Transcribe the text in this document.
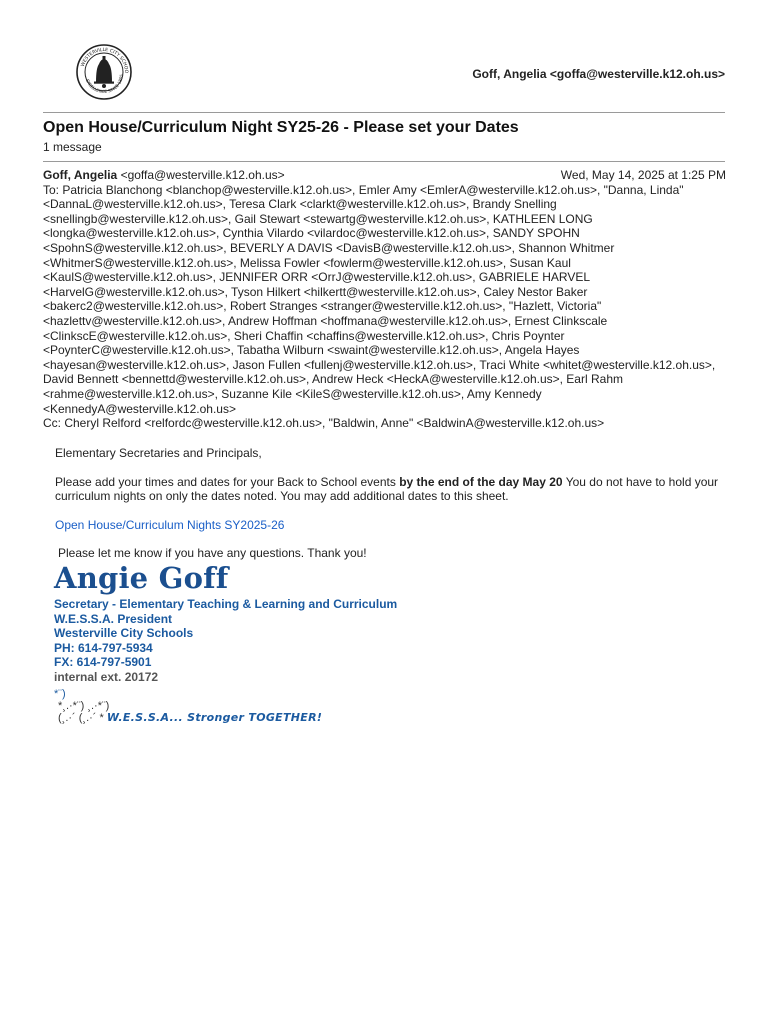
WESTERVILLE CITY SCHOO
EXCELLENCE SINCE 1855	Goff, Angelia <goffa@westerville.k12.oh.us>
Open House/Curriculum Night SY25-26 - Please set your Dates
1 message
Goff, Angelia <goffa@westerville.k12.oh.us>	Wed, May 14, 2025 at 1:25 PM

To: Patricia Blanchong <blanchop@westerville.k12.oh.us>, Emler Amy <EmlerA@westerville.k12.oh.us>, "Danna, Linda" <DannaL@westerville.k12.oh.us>, Teresa Clark <clarkt@westerville.k12.oh.us>, Brandy Snelling <snellingb@westerville.k12.oh.us>, Gail Stewart <stewartg@westerville.k12.oh.us>, KATHLEEN LONG <longka@westerville.k12.oh.us>, Cynthia Vilardo <vilardoc@westerville.k12.oh.us>, SANDY SPOHN <SpohnS@westerville.k12.oh.us>, BEVERLY A DAVIS <DavisB@westerville.k12.oh.us>, Shannon Whitmer <WhitmerS@westerville.k12.oh.us>, Melissa Fowler <fowlerm@westerville.k12.oh.us>, Susan Kaul <KaulS@westerville.k12.oh.us>, JENNIFER ORR <OrrJ@westerville.k12.oh.us>, GABRIELE HARVEL <HarvelG@westerville.k12.oh.us>, Tyson Hilkert <hilkertt@westerville.k12.oh.us>, Caley Nestor Baker <bakerc2@westerville.k12.oh.us>, Robert Stranges <stranger@westerville.k12.oh.us>, "Hazlett, Victoria" <hazlettv@westerville.k12.oh.us>, Andrew Hoffman <hoffmana@westerville.k12.oh.us>, Ernest Clinkscale <ClinkscE@westerville.k12.oh.us>, Sheri Chaffin <chaffins@westerville.k12.oh.us>, Chris Poynter <PoynterC@westerville.k12.oh.us>, Tabatha Wilburn <swaint@westerville.k12.oh.us>, Angela Hayes <hayesan@westerville.k12.oh.us>, Jason Fullen <fullenj@westerville.k12.oh.us>, Traci White <whitet@westerville.k12.oh.us>, David Bennett <bennettd@westerville.k12.oh.us>, Andrew Heck <HeckA@westerville.k12.oh.us>, Earl Rahm <rahme@westerville.k12.oh.us>, Suzanne Kile <KileS@westerville.k12.oh.us>, Amy Kennedy <KennedyA@westerville.k12.oh.us>

Cc: Cheryl Relford <relfordc@westerville.k12.oh.us>, "Baldwin, Anne" <BaldwinA@westerville.k12.oh.us>

Elementary Secretaries and Principals,

Please add your times and dates for your Back to School events by the end of the day May 20 You do not have to hold your curriculum nights on only the dates noted. You may add additional dates to this sheet.

Open House/Curriculum Nights SY2025-26

Please let me know if you have any questions. Thank you!

Angie Goff
Secretary - Elementary Teaching & Learning and Curriculum
W.E.S.S.A. President
Westerville City Schools
PH: 614-797-5934
FX: 614-797-5901
internal ext. 20172
*¨)
*¸.·*¨) ¸.·*¨)
(¸.·´ (¸.·´ * W.E.S.S.A... Stronger TOGETHER!
